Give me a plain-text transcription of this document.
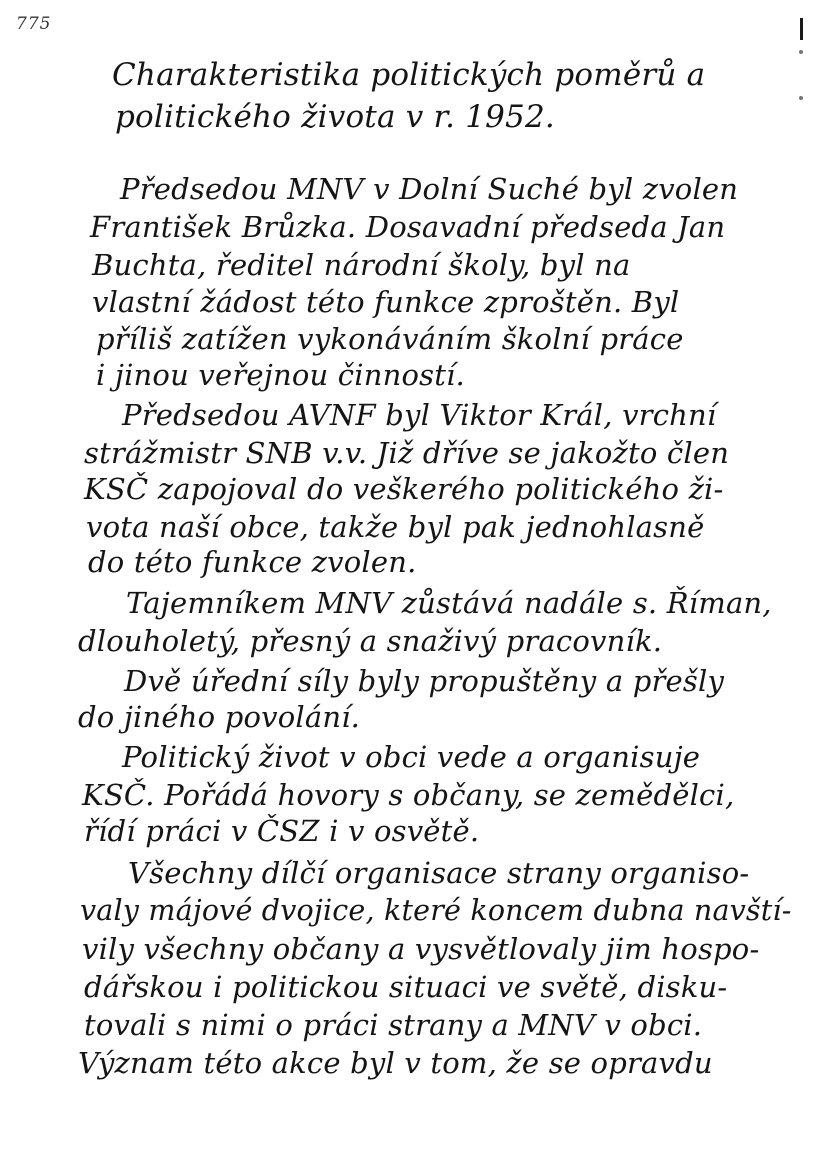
775
Charakteristika politických poměrů a
politického života v r. 1952.
Předsedou MNV v Dolní Suché byl zvolen
František Brůzka. Dosavadní předseda Jan
Buchta, ředitel národní školy, byl na
vlastní žádost této funkce zproštěn. Byl
příliš zatížen vykonáváním školní práce
i jinou veřejnou činností.
Předsedou AVNF byl Viktor Král, vrchní
strážmistr SNB v.v. Již dříve se jakožto člen
KSČ zapojoval do veškerého politického ži-
vota naší obce, takže byl pak jednohlasně
do této funkce zvolen.
Tajemníkem MNV zůstává nadále s. Říman,
dlouholetý, přesný a snaživý pracovník.
Dvě úřední síly byly propuštěny a přešly
do jiného povolání.
Politický život v obci vede a organisuje
KSČ. Pořádá hovory s občany, se zemědělci,
řídí práci v ČSZ i v osvětě.
Všechny dílčí organisace strany organiso-
valy májové dvojice, které koncem dubna navští-
vily všechny občany a vysvětlovaly jim hospo-
dářskou i politickou situaci ve světě, disku-
tovali s nimi o práci strany a MNV v obci.
Význam této akce byl v tom, že se opravdu
